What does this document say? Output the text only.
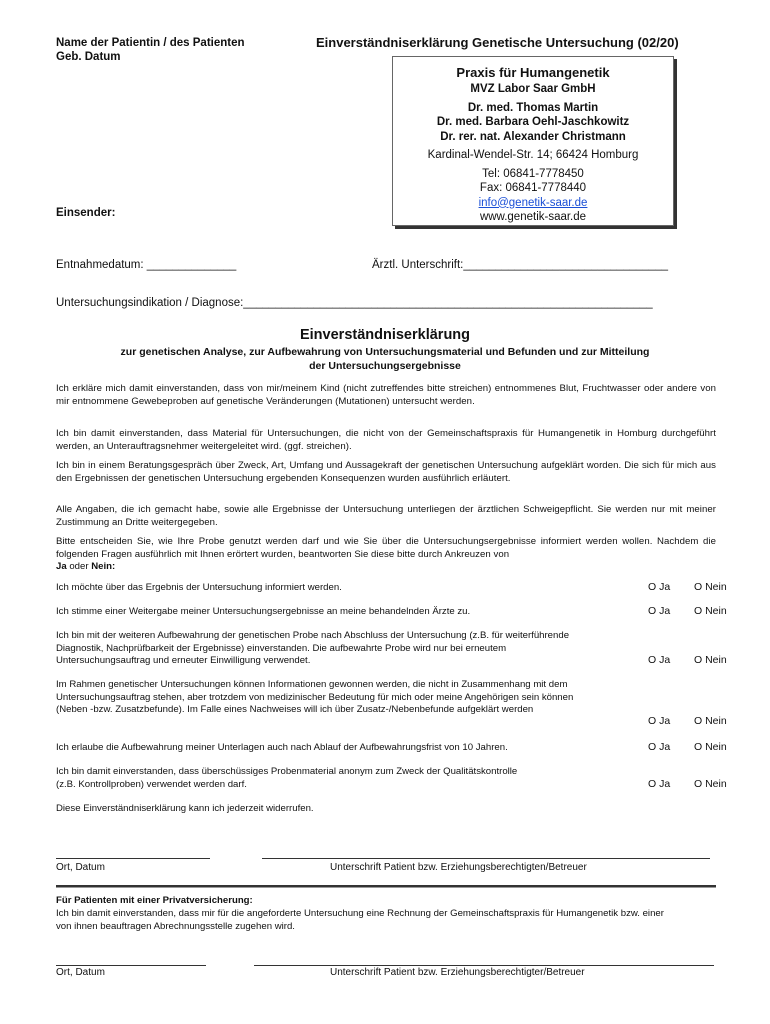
Name der Patientin / des Patienten
Geb. Datum
Einverständniserklärung Genetische Untersuchung (02/20)
Praxis für Humangenetik
MVZ Labor Saar GmbH
Dr. med. Thomas Martin
Dr. med. Barbara Oehl-Jaschkowitz
Dr. rer. nat. Alexander Christmann
Kardinal-Wendel-Str. 14; 66424 Homburg
Tel: 06841-7778450
Fax: 06841-7778440
info@genetik-saar.de
www.genetik-saar.de
Einsender:
Entnahmedatum: ______________	Ärztl. Unterschrift:________________________________
Untersuchungsindikation / Diagnose:________________________________________________________________
Einverständniserklärung
zur genetischen Analyse, zur Aufbewahrung von Untersuchungsmaterial und Befunden und zur Mitteilung
der Untersuchungsergebnisse
Ich erkläre mich damit einverstanden, dass von mir/meinem Kind (nicht zutreffendes bitte streichen) entnommenes Blut, Fruchtwasser oder andere von mir entnommene Gewebeproben auf genetische Veränderungen (Mutationen) untersucht werden.
Ich bin damit einverstanden, dass Material für Untersuchungen, die nicht von der Gemeinschaftspraxis für Humangenetik in Homburg durchgeführt werden, an Unterauftragsnehmer weitergeleitet wird. (ggf. streichen).
Ich bin in einem Beratungsgespräch über Zweck, Art, Umfang und Aussagekraft der genetischen Untersuchung aufgeklärt worden. Die sich für mich aus den Ergebnissen der genetischen Untersuchung ergebenden Konsequenzen wurden ausführlich erläutert.
Alle Angaben, die ich gemacht habe, sowie alle Ergebnisse der Untersuchung unterliegen der ärztlichen Schweigepflicht. Sie werden nur mit meiner Zustimmung an Dritte weitergegeben.
Bitte entscheiden Sie, wie Ihre Probe genutzt werden darf und wie Sie über die Untersuchungsergebnisse informiert werden wollen. Nachdem die folgenden Fragen ausführlich mit Ihnen erörtert wurden, beantworten Sie diese bitte durch Ankreuzen von
Ja oder Nein:
Ich möchte über das Ergebnis der Untersuchung informiert werden.	O Ja O Nein
Ich stimme einer Weitergabe meiner Untersuchungsergebnisse an meine behandelnden Ärzte zu.	O Ja O Nein
Ich bin mit der weiteren Aufbewahrung der genetischen Probe nach Abschluss der Untersuchung (z.B. für weiterführende Diagnostik, Nachprüfbarkeit der Ergebnisse) einverstanden. Die aufbewahrte Probe wird nur bei erneutem Untersuchungsauftrag und erneuter Einwilligung verwendet.	O Ja O Nein
Im Rahmen genetischer Untersuchungen können Informationen gewonnen werden, die nicht in Zusammenhang mit dem Untersuchungsauftrag stehen, aber trotzdem von medizinischer Bedeutung für mich oder meine Angehörigen sein können (Neben -bzw. Zusatzbefunde). Im Falle eines Nachweises will ich über Zusatz-/Nebenbefunde aufgeklärt werden
O Ja O Nein
Ich erlaube die Aufbewahrung meiner Unterlagen auch nach Ablauf der Aufbewahrungsfrist von 10 Jahren.	O Ja O Nein
Ich bin damit einverstanden, dass überschüssiges Probenmaterial anonym zum Zweck der Qualitätskontrolle (z.B. Kontrollproben) verwendet werden darf.	O Ja O Nein
Diese Einverständniserklärung kann ich jederzeit widerrufen.
Ort, Datum	Unterschrift Patient bzw. Erziehungsberechtigten/Betreuer
Für Patienten mit einer Privatversicherung:
Ich bin damit einverstanden, dass mir für die angeforderte Untersuchung eine Rechnung der Gemeinschaftspraxis für Humangenetik bzw. einer von ihnen beauftragen Abrechnungsstelle zugehen wird.
Ort, Datum	Unterschrift Patient bzw. Erziehungsberechtigter/Betreuer
